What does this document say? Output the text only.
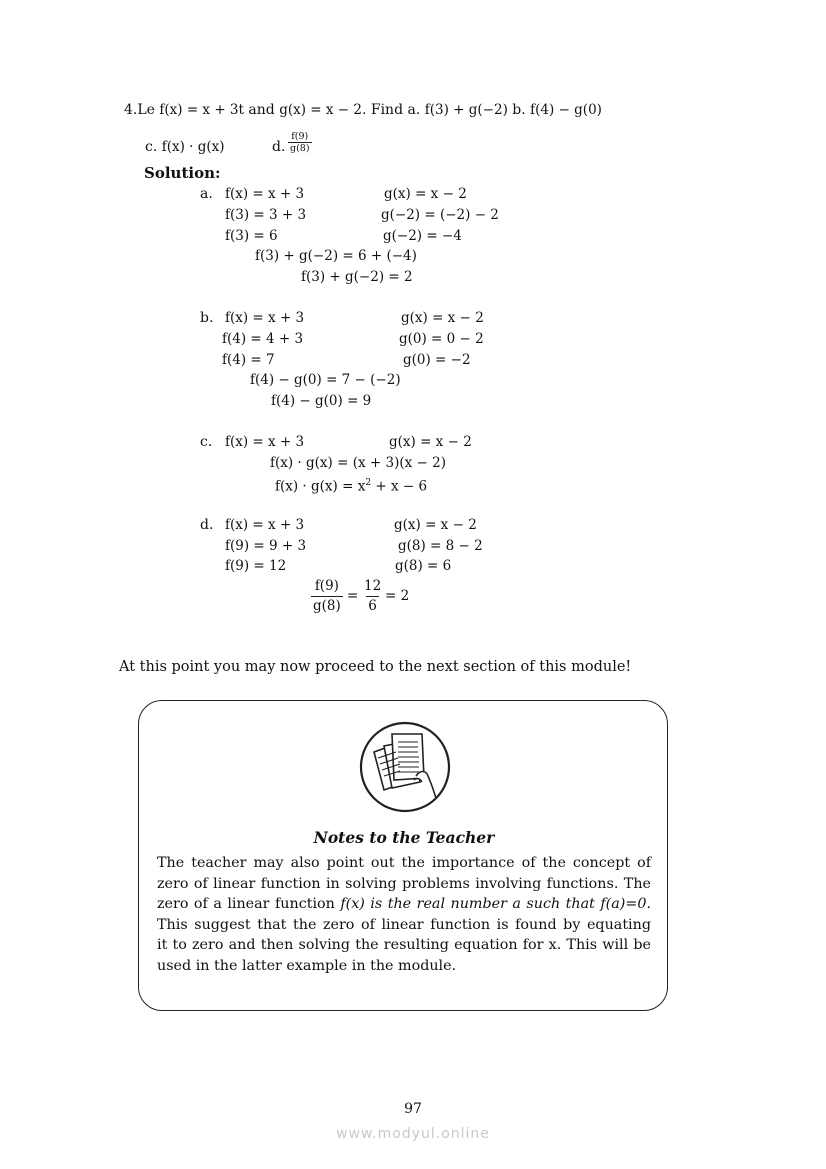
4.Le f(x) = x + 3t and g(x) = x − 2. Find a. f(3) + g(−2) b. f(4) − g(0)
c. f(x) · g(x)	d. $\frac{f(9)}{g(8)}$
Solution:
a. f(x) = x + 3
f(3) = 3 + 3
f(3) = 6
g(x) = x − 2
g(−2) = (−2) − 2
g(−2) = −4
f(3) + g(−2) = 6 + (−4)
f(3) + g(−2) = 2
b. f(x) = x + 3
f(4) = 4 + 3
f(4) = 7
g(x) = x − 2
g(0) = 0 − 2
g(0) = −2
f(4) − g(0) = 7 − (−2)
f(4) − g(0) = 9
c. f(x) = x + 3	g(x) = x − 2
f(x) · g(x) = (x + 3)(x − 2)
$f(x) \cdot g(x) = x^2 + x - 6$
d. f(x) = x + 3
f(9) = 9 + 3
f(9) = 12
g(x) = x − 2
g(8) = 8 − 2
g(8) = 6
$\frac{f(9)}{g(8)} = \frac{12}{6} = 2$
At this point you may now proceed to the next section of this module!
Notes to the Teacher
The teacher may also point out the importance of the concept of
zero of linear function in solving problems involving functions. The
zero of a linear function f(x) is the real number a such that f(a)=0.
This suggest that the zero of linear function is found by equating
it to zero and then solving the resulting equation for x. This will be
used in the latter example in the module.
97
www.modyul.online
